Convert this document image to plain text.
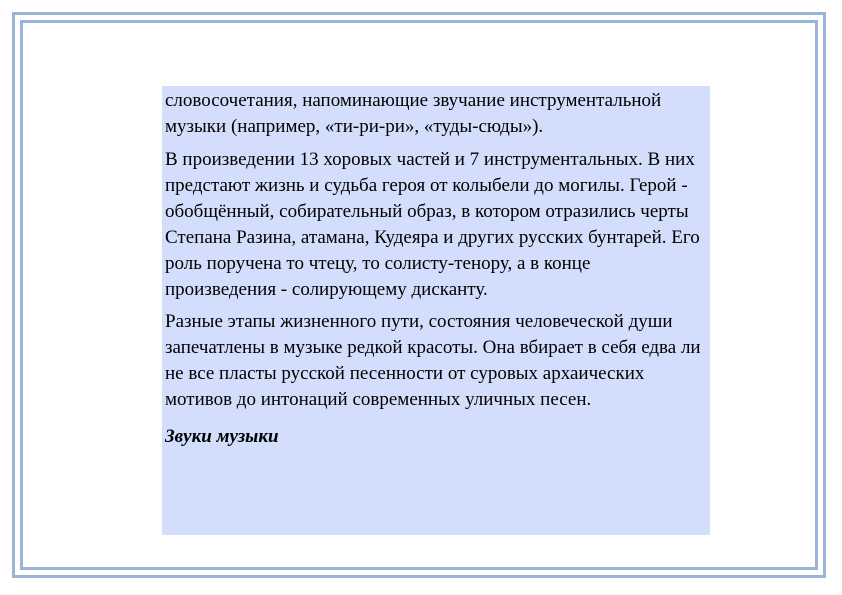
словосочетания, напоминающие звучание инструментальной музыки (например, «ти-ри-ри», «туды-сюды»).

В произведении 13 хоровых частей и 7 инструментальных. В них предстают жизнь и судьба героя от колыбели до могилы. Герой - обобщённый, собирательный образ, в котором отразились черты Степана Разина, атамана, Кудеяра и других русских бунтарей. Его роль поручена то чтецу, то солисту-тенору, а в конце произведения - солирующему дисканту.

Разные этапы жизненного пути, состояния человеческой души запечатлены в музыке редкой красоты. Она вбирает в себя едва ли не все пласты русской песенности от суровых архаических мотивов до интонаций современных уличных песен.

Звуки музыки
